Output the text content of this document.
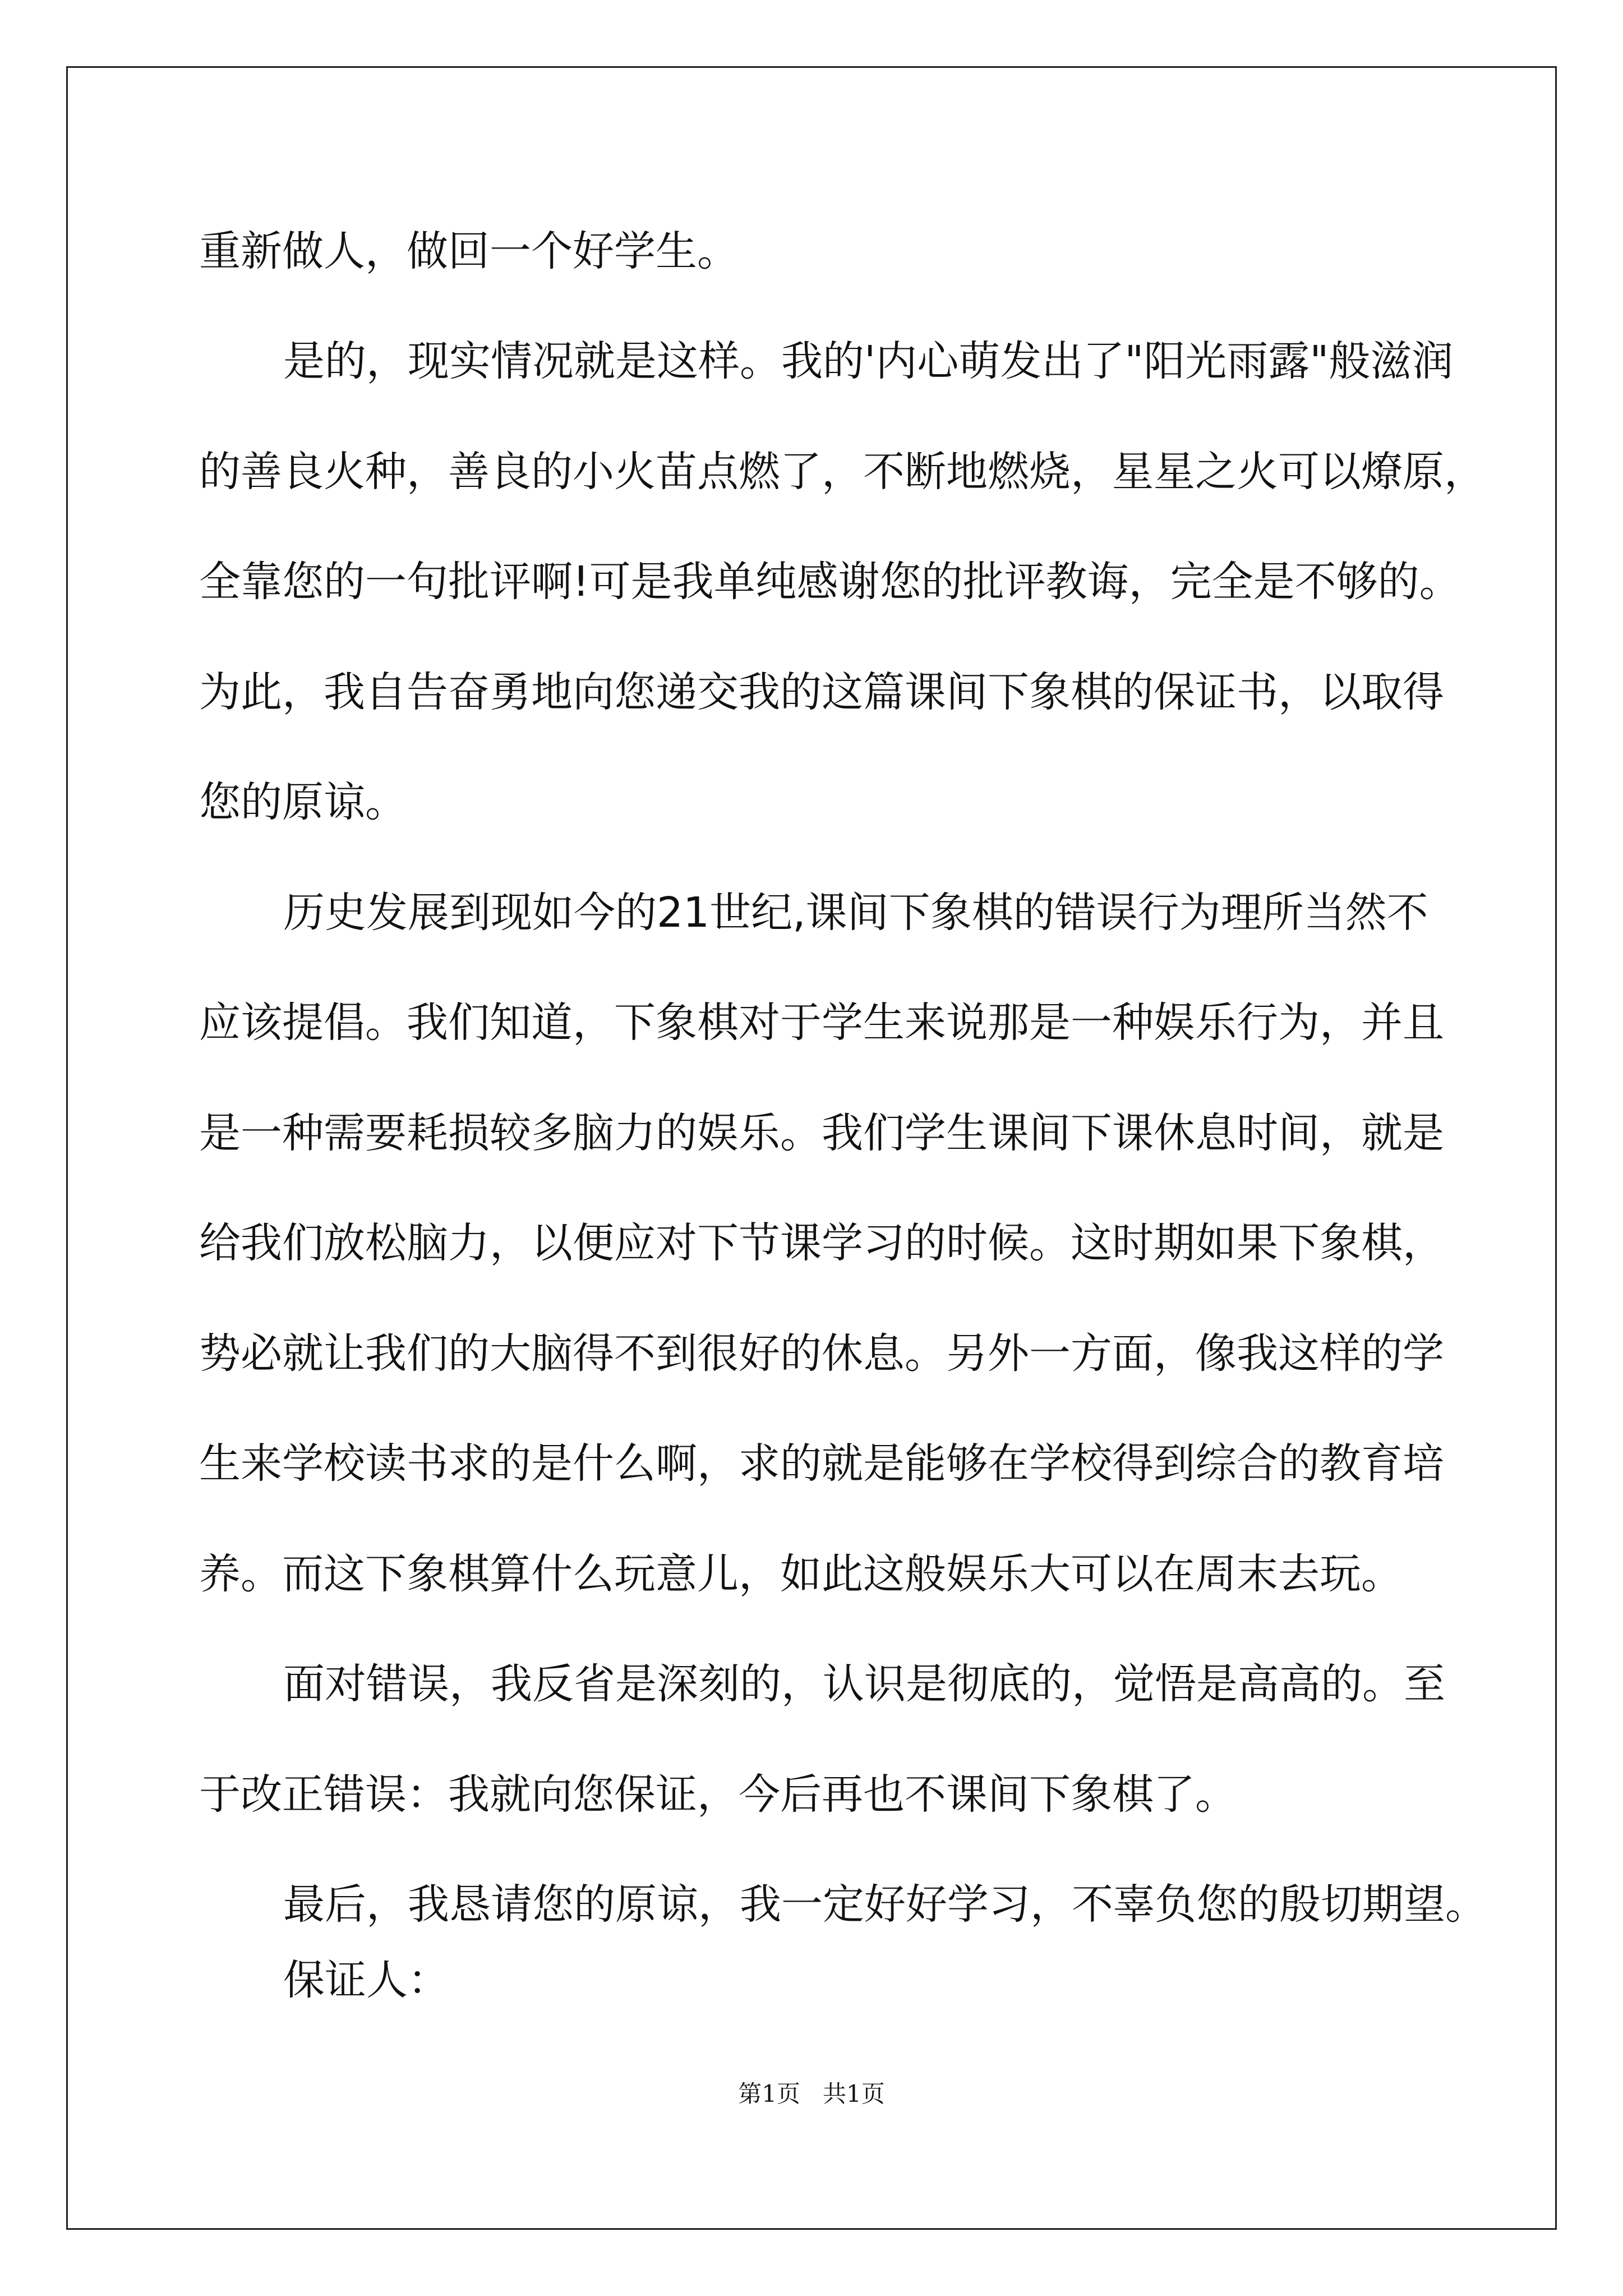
重新做人，做回一个好学生。
是的，现实情况就是这样。我的'内心萌发出了"阳光雨露"般滋润
的善良火种，善良的小火苗点燃了，不断地燃烧，星星之火可以燎原，
全靠您的一句批评啊!可是我单纯感谢您的批评教诲，完全是不够的。
为此，我自告奋勇地向您递交我的这篇课间下象棋的保证书，以取得
您的原谅。
历史发展到现如今的21世纪,课间下象棋的错误行为理所当然不
应该提倡。我们知道，下象棋对于学生来说那是一种娱乐行为，并且
是一种需要耗损较多脑力的娱乐。我们学生课间下课休息时间，就是
给我们放松脑力，以便应对下节课学习的时候。这时期如果下象棋，
势必就让我们的大脑得不到很好的休息。另外一方面，像我这样的学
生来学校读书求的是什么啊，求的就是能够在学校得到综合的教育培
养。而这下象棋算什么玩意儿，如此这般娱乐大可以在周末去玩。
面对错误，我反省是深刻的，认识是彻底的，觉悟是高高的。至
于改正错误：我就向您保证，今后再也不课间下象棋了。
最后，我恳请您的原谅，我一定好好学习，不辜负您的殷切期望。
保证人：
第1页   共1页
